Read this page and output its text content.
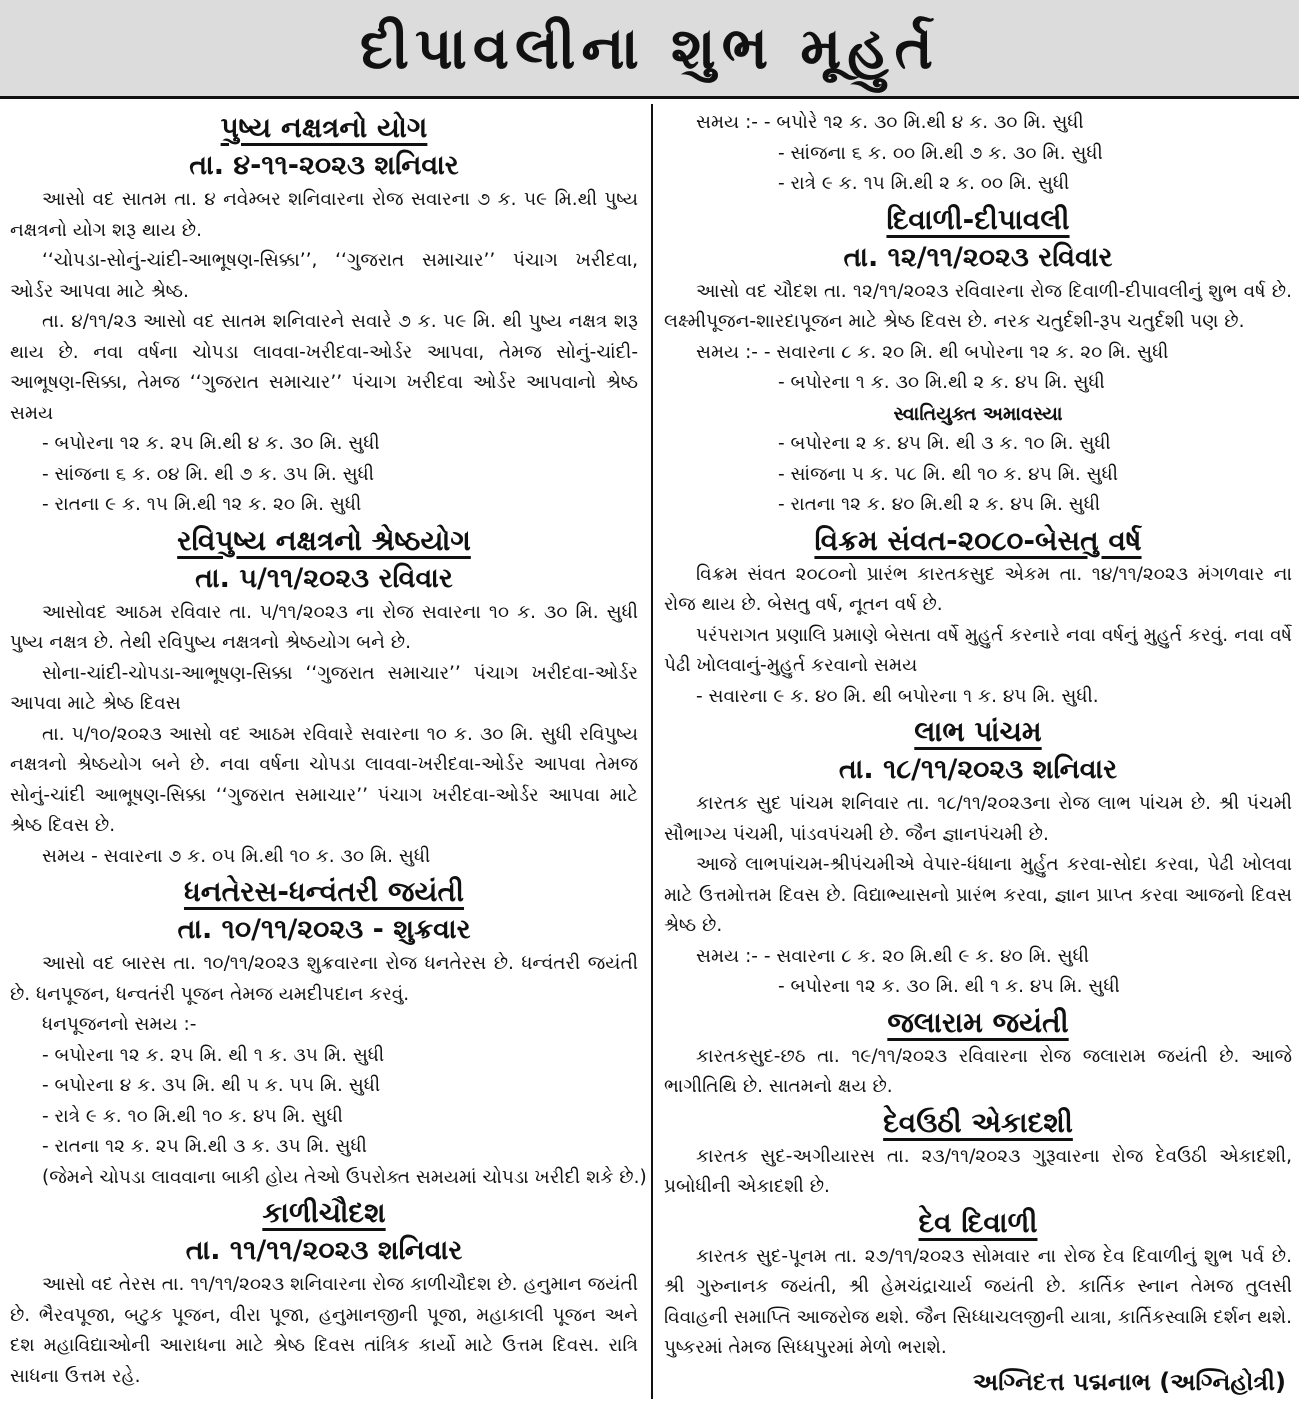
દીપાવલીના શુભ મૂહુર્ત

પુષ્ય નક્ષત્રનો યોગ

તા. ૪-૧૧-૨૦૨૩ શનિવાર

આસો વદ સાતમ તા. ૪ નવેમ્બર શનિવારના રોજ સવારના ૭ ક. ૫૯ મિ.થી પુષ્ય નક્ષત્રનો યોગ શરૂ થાય છે.

‘‘ચોપડા-સોનું-ચાંદી-આભૂષણ-સિક્કા’’, ‘‘ગુજરાત સમાચાર’’ પંચાગ ખરીદવા, ઓર્ડર આપવા માટે શ્રેષ્ઠ.

તા. ૪/૧૧/૨૩ આસો વદ સાતમ શનિવારને સવારે ૭ ક. ૫૯ મિ. થી પુષ્ય નક્ષત્ર શરૂ થાય છે. નવા વર્ષના ચોપડા લાવવા-ખરીદવા-ઓર્ડર આપવા, તેમજ સોનું-ચાંદી-આભૂષણ-સિક્કા, તેમજ ‘‘ગુજરાત સમાચાર’’ પંચાગ ખરીદવા ઓર્ડર આપવાનો શ્રેષ્ઠ સમય

- બપોરના ૧૨ ક. ૨૫ મિ.થી ૪ ક. ૩૦ મિ. સુધી

- સાંજના ૬ ક. ૦૪ મિ. થી ૭ ક. ૩૫ મિ. સુધી

- રાતના ૯ ક. ૧૫ મિ.થી ૧૨ ક. ૨૦ મિ. સુધી

રવિપુષ્ય નક્ષત્રનો શ્રેષ્ઠયોગ

તા. ૫/૧૧/૨૦૨૩ રવિવાર

આસોવદ આઠમ રવિવાર તા. ૫/૧૧/૨૦૨૩ ના રોજ સવારના ૧૦ ક. ૩૦ મિ. સુધી પુષ્ય નક્ષત્ર છે. તેથી રવિપુષ્ય નક્ષત્રનો શ્રેષ્ઠયોગ બને છે.

સોના-ચાંદી-ચોપડા-આભૂષણ-સિક્કા ‘‘ગુજરાત સમાચાર’’ પંચાગ ખરીદવા-ઓર્ડર આપવા માટે શ્રેષ્ઠ દિવસ

તા. ૫/૧૦/૨૦૨૩ આસો વદ આઠમ રવિવારે સવારના ૧૦ ક. ૩૦ મિ. સુધી રવિપુષ્ય નક્ષત્રનો શ્રેષ્ઠયોગ બને છે. નવા વર્ષના ચોપડા લાવવા-ખરીદવા-ઓર્ડર આપવા તેમજ સોનું-ચાંદી આભૂષણ-સિક્કા ‘‘ગુજરાત સમાચાર’’ પંચાગ ખરીદવા-ઓર્ડર આપવા માટે શ્રેષ્ઠ દિવસ છે.

સમય - સવારના ૭ ક. ૦૫ મિ.થી ૧૦ ક. ૩૦ મિ. સુધી

ધનતેરસ-ધન્વંતરી જયંતી

તા. ૧૦/૧૧/૨૦૨૩ - શુક્રવાર

આસો વદ બારસ તા. ૧૦/૧૧/૨૦૨૩ શુક્રવારના રોજ ધનતેરસ છે. ધન્વંતરી જયંતી છે. ધનપૂજન, ધન્વતંરી પૂજન તેમજ યમદીપદાન કરવું.

ધનપૂજનનો સમય :-

- બપોરના ૧૨ ક. ૨૫ મિ. થી ૧ ક. ૩૫ મિ. સુધી

- બપોરના ૪ ક. ૩૫ મિ. થી ૫ ક. ૫૫ મિ. સુધી

- રાત્રે ૯ ક. ૧૦ મિ.થી ૧૦ ક. ૪૫ મિ. સુધી

- રાતના ૧૨ ક. ૨૫ મિ.થી ૩ ક. ૩૫ મિ. સુધી

(જેમને ચોપડા લાવવાના બાકી હોય તેઓ ઉપરોક્ત સમયમાં ચોપડા ખરીદી શકે છે.)

કાળીચૌદશ

તા. ૧૧/૧૧/૨૦૨૩ શનિવાર

આસો વદ તેરસ તા. ૧૧/૧૧/૨૦૨૩ શનિવારના રોજ કાળીચૌદશ છે. હનુમાન જયંતી છે. ભૈરવપૂજા, બટુક પૂજન, વીરા પૂજા, હનુમાનજીની પૂજા, મહાકાલી પૂજન અને દશ મહાવિદ્યાઓની આરાધના માટે શ્રેષ્ઠ દિવસ તાંત્રિક કાર્યો માટે ઉત્તમ દિવસ. રાત્રિ સાધના ઉત્તમ રહે.

સમય :- - બપોરે ૧૨ ક. ૩૦ મિ.થી ૪ ક. ૩૦ મિ. સુધી

- સાંજના ૬ ક. ૦૦ મિ.થી ૭ ક. ૩૦ મિ. સુધી

- રાત્રે ૯ ક. ૧૫ મિ.થી ૨ ક. ૦૦ મિ. સુધી

દિવાળી-દીપાવલી

તા. ૧૨/૧૧/૨૦૨૩ રવિવાર

આસો વદ ચૌદશ તા. ૧૨/૧૧/૨૦૨૩ રવિવારના રોજ દિવાળી-દીપાવલીનું શુભ વર્ષ છે. લક્ષ્મીપૂજન-શારદાપૂજન માટે શ્રેષ્ઠ દિવસ છે. નરક ચતુર્દશી-રૂપ ચતુર્દશી પણ છે.

સમય :- - સવારના ૮ ક. ૨૦ મિ. થી બપોરના ૧૨ ક. ૨૦ મિ. સુધી

- બપોરના ૧ ક. ૩૦ મિ.થી ૨ ક. ૪૫ મિ. સુધી

સ્વાતિયુક્ત અમાવસ્યા

- બપોરના ૨ ક. ૪૫ મિ. થી ૩ ક. ૧૦ મિ. સુધી

- સાંજના ૫ ક. ૫૮ મિ. થી ૧૦ ક. ૪૫ મિ. સુધી

- રાતના ૧૨ ક. ૪૦ મિ.થી ૨ ક. ૪૫ મિ. સુધી

વિક્રમ સંવત-૨૦૮૦-બેસતુ વર્ષ

વિક્રમ સંવત ૨૦૮૦નો પ્રારંભ કારતકસુદ એકમ તા. ૧૪/૧૧/૨૦૨૩ મંગળવાર ના રોજ થાય છે. બેસતુ વર્ષ, નૂતન વર્ષ છે.

પરંપરાગત પ્રણાલિ પ્રમાણે બેસતા વર્ષે મુહુર્ત કરનારે નવા વર્ષનું મુહુર્ત કરવું. નવા વર્ષે પેઢી ખોલવાનું-મુહુર્ત કરવાનો સમય

- સવારના ૯ ક. ૪૦ મિ. થી બપોરના ૧ ક. ૪૫ મિ. સુધી.

લાભ પાંચમ

તા. ૧૮/૧૧/૨૦૨૩ શનિવાર

કારતક સુદ પાંચમ શનિવાર તા. ૧૮/૧૧/૨૦૨૩ના રોજ લાભ પાંચમ છે. શ્રી પંચમી સૌભાગ્ય પંચમી, પાંડવપંચમી છે. જૈન જ્ઞાનપંચમી છે.

આજે લાભપાંચમ-શ્રીપંચમીએ વેપાર-ધંધાના મુર્હુત કરવા-સોદા કરવા, પેઢી ખોલવા માટે ઉત્તમોત્તમ દિવસ છે. વિદ્યાભ્યાસનો પ્રારંભ કરવા, જ્ઞાન પ્રાપ્ત કરવા આજનો દિવસ શ્રેષ્ઠ છે.

સમય :- - સવારના ૮ ક. ૨૦ મિ.થી ૯ ક. ૪૦ મિ. સુધી

- બપોરના ૧૨ ક. ૩૦ મિ. થી ૧ ક. ૪૫ મિ. સુધી

જલારામ જયંતી

કારતકસુદ-છઠ તા. ૧૯/૧૧/૨૦૨૩ રવિવારના રોજ જલારામ જયંતી છે. આજે ભાગીતિથિ છે. સાતમનો ક્ષય છે.

દેવઉઠી એકાદશી

કારતક સુદ-અગીયારસ તા. ૨૩/૧૧/૨૦૨૩ ગુરૂવારના રોજ દેવઉઠી એકાદશી, પ્રબોધીની એકાદશી છે.

દેવ દિવાળી

કારતક સુદ-પૂનમ તા. ૨૭/૧૧/૨૦૨૩ સોમવાર ના રોજ દેવ દિવાળીનું શુભ પર્વ છે. શ્રી ગુરુનાનક જયંતી, શ્રી હેમચંદ્રાચાર્ય જયંતી છે. કાર્તિક સ્નાન તેમજ તુલસી વિવાહની સમાપ્તિ આજરોજ થશે. જૈન સિધ્ધાચલજીની યાત્રા, કાર્તિકસ્વામિ દર્શન થશે. પુષ્કરમાં તેમજ સિધ્ધપુરમાં મેળો ભરાશે.

અગ્નિદત્ત પદ્મનાભ (અગ્નિહોત્રી)
